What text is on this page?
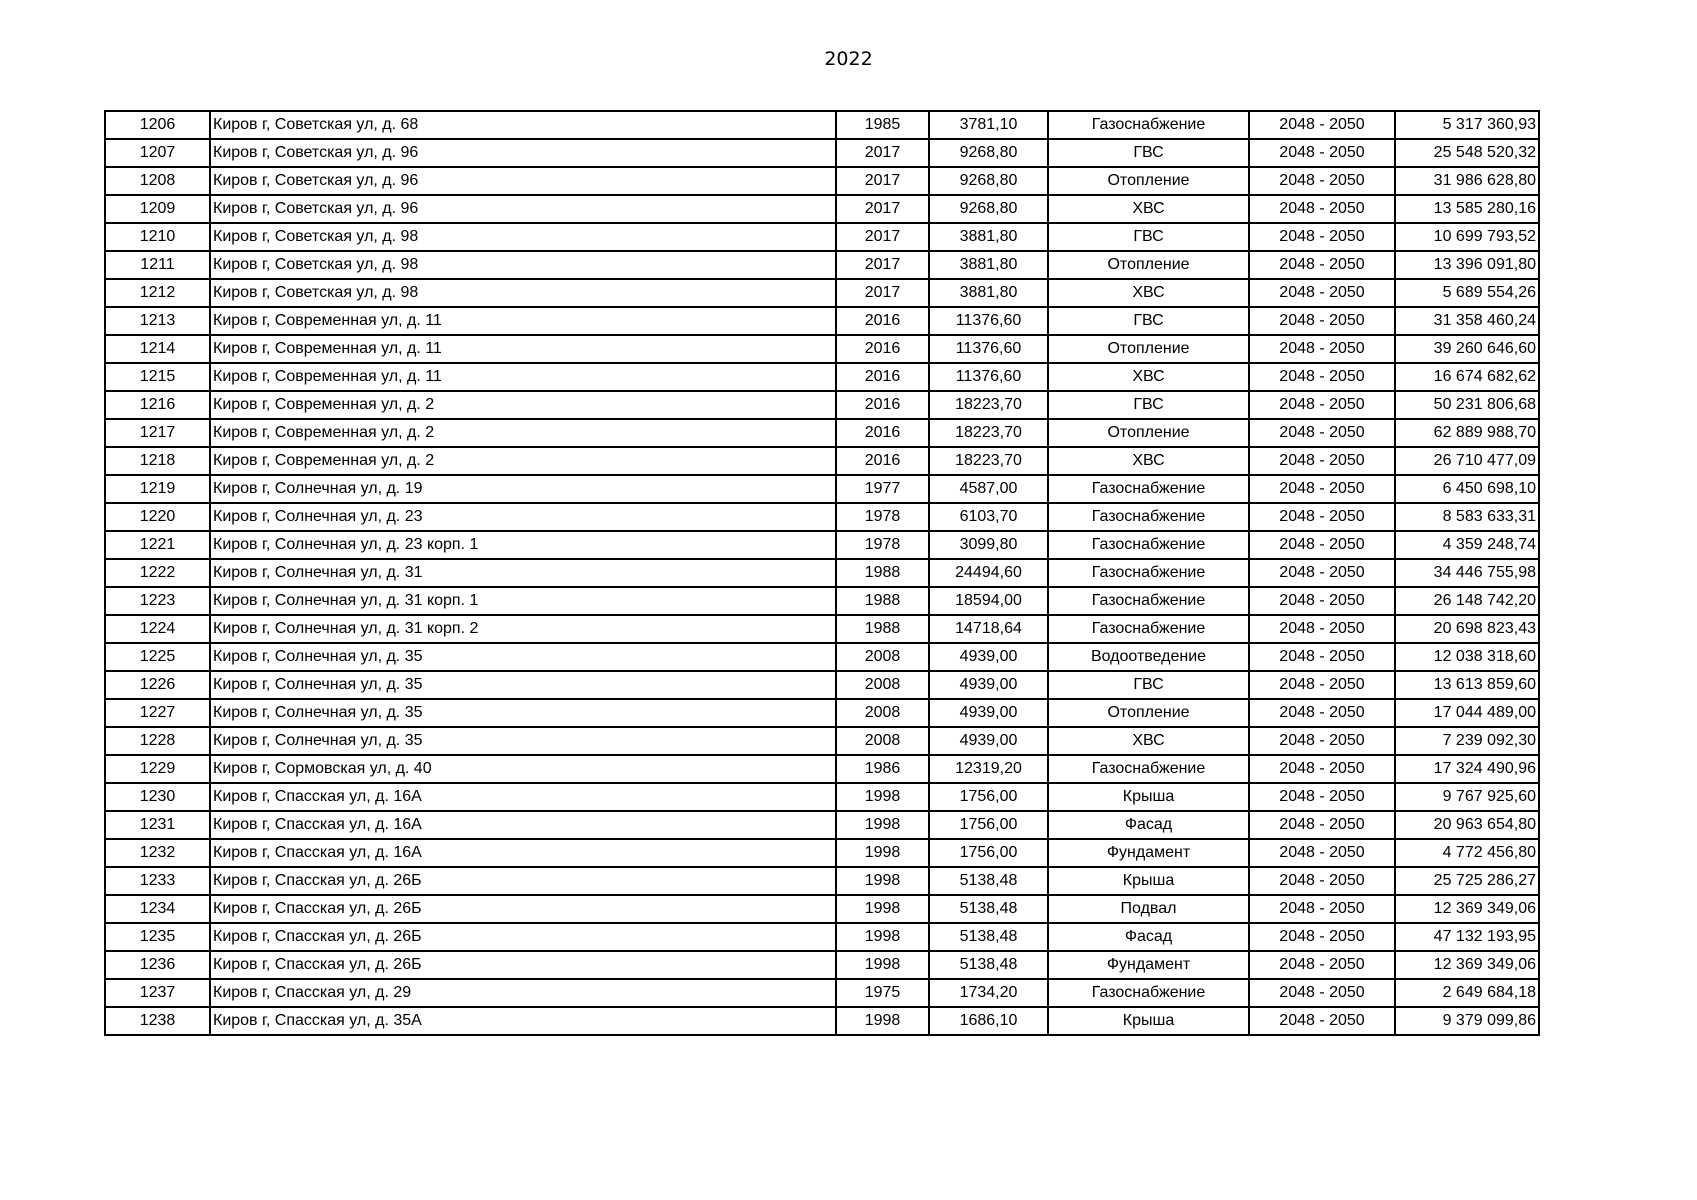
2022
1206	Киров г, Советская ул, д. 68	1985	3781,10	Газоснабжение	2048 - 2050	5 317 360,93
1207	Киров г, Советская ул, д. 96	2017	9268,80	ГВС	2048 - 2050	25 548 520,32
1208	Киров г, Советская ул, д. 96	2017	9268,80	Отопление	2048 - 2050	31 986 628,80
1209	Киров г, Советская ул, д. 96	2017	9268,80	ХВС	2048 - 2050	13 585 280,16
1210	Киров г, Советская ул, д. 98	2017	3881,80	ГВС	2048 - 2050	10 699 793,52
1211	Киров г, Советская ул, д. 98	2017	3881,80	Отопление	2048 - 2050	13 396 091,80
1212	Киров г, Советская ул, д. 98	2017	3881,80	ХВС	2048 - 2050	5 689 554,26
1213	Киров г, Современная ул, д. 11	2016	11376,60	ГВС	2048 - 2050	31 358 460,24
1214	Киров г, Современная ул, д. 11	2016	11376,60	Отопление	2048 - 2050	39 260 646,60
1215	Киров г, Современная ул, д. 11	2016	11376,60	ХВС	2048 - 2050	16 674 682,62
1216	Киров г, Современная ул, д. 2	2016	18223,70	ГВС	2048 - 2050	50 231 806,68
1217	Киров г, Современная ул, д. 2	2016	18223,70	Отопление	2048 - 2050	62 889 988,70
1218	Киров г, Современная ул, д. 2	2016	18223,70	ХВС	2048 - 2050	26 710 477,09
1219	Киров г, Солнечная ул, д. 19	1977	4587,00	Газоснабжение	2048 - 2050	6 450 698,10
1220	Киров г, Солнечная ул, д. 23	1978	6103,70	Газоснабжение	2048 - 2050	8 583 633,31
1221	Киров г, Солнечная ул, д. 23 корп. 1	1978	3099,80	Газоснабжение	2048 - 2050	4 359 248,74
1222	Киров г, Солнечная ул, д. 31	1988	24494,60	Газоснабжение	2048 - 2050	34 446 755,98
1223	Киров г, Солнечная ул, д. 31 корп. 1	1988	18594,00	Газоснабжение	2048 - 2050	26 148 742,20
1224	Киров г, Солнечная ул, д. 31 корп. 2	1988	14718,64	Газоснабжение	2048 - 2050	20 698 823,43
1225	Киров г, Солнечная ул, д. 35	2008	4939,00	Водоотведение	2048 - 2050	12 038 318,60
1226	Киров г, Солнечная ул, д. 35	2008	4939,00	ГВС	2048 - 2050	13 613 859,60
1227	Киров г, Солнечная ул, д. 35	2008	4939,00	Отопление	2048 - 2050	17 044 489,00
1228	Киров г, Солнечная ул, д. 35	2008	4939,00	ХВС	2048 - 2050	7 239 092,30
1229	Киров г, Сормовская ул, д. 40	1986	12319,20	Газоснабжение	2048 - 2050	17 324 490,96
1230	Киров г, Спасская ул, д. 16А	1998	1756,00	Крыша	2048 - 2050	9 767 925,60
1231	Киров г, Спасская ул, д. 16А	1998	1756,00	Фасад	2048 - 2050	20 963 654,80
1232	Киров г, Спасская ул, д. 16А	1998	1756,00	Фундамент	2048 - 2050	4 772 456,80
1233	Киров г, Спасская ул, д. 26Б	1998	5138,48	Крыша	2048 - 2050	25 725 286,27
1234	Киров г, Спасская ул, д. 26Б	1998	5138,48	Подвал	2048 - 2050	12 369 349,06
1235	Киров г, Спасская ул, д. 26Б	1998	5138,48	Фасад	2048 - 2050	47 132 193,95
1236	Киров г, Спасская ул, д. 26Б	1998	5138,48	Фундамент	2048 - 2050	12 369 349,06
1237	Киров г, Спасская ул, д. 29	1975	1734,20	Газоснабжение	2048 - 2050	2 649 684,18
1238	Киров г, Спасская ул, д. 35А	1998	1686,10	Крыша	2048 - 2050	9 379 099,86
